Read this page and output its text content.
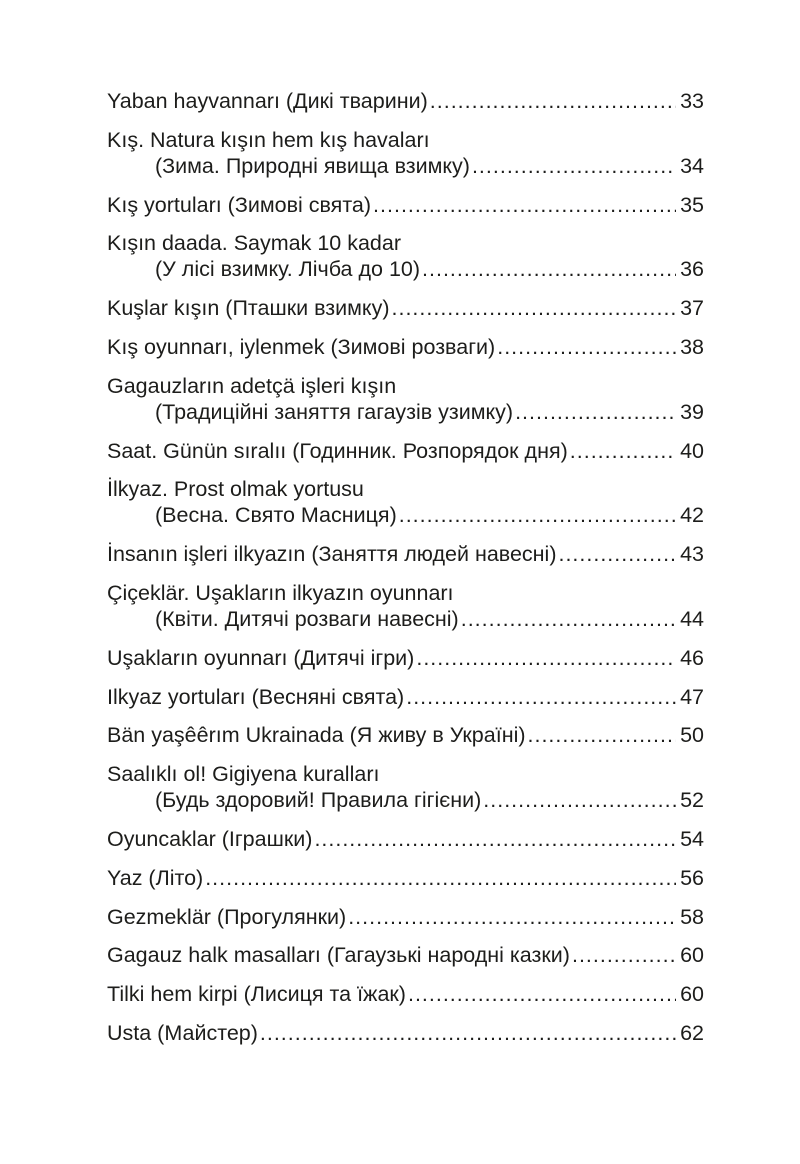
Yaban hayvannarı (Дикі тварини) .....	33
Kış. Natura kışın hem kış havaları
(Зима. Природні явища взимку) .....	34
Kış yortuları (Зимові свята) .....	35
Kışın daada. Saymak 10 kadar
(У лісі взимку. Лічба до 10) .....	36
Kuşlar kışın (Пташки взимку) .....	37
Kış oyunnarı, iylenmek (Зимові розваги) .....	38
Gagauzların adetçä işleri kışın
(Традиційні заняття гагаузів узимку) .....	39
Saat. Günün sıralıı (Годинник. Розпорядок дня) .....	40
İlkyaz. Prost olmak yortusu
(Весна. Свято Масниця) .....	42
İnsanın işleri ilkyazın (Заняття людей навесні) .....	43
Çiçeklär. Uşakların ilkyazın oyunnarı
(Квіти. Дитячі розваги навесні) .....	44
Uşakların oyunnarı (Дитячі ігри) .....	46
Ilkyaz yortuları (Весняні свята) .....	47
Bän yaşêêrım Ukrainada (Я живу в Україні) .....	50
Saalıklı ol! Gigiyena kuralları
(Будь здоровий! Правила гігієни) .....	52
Oyuncaklar (Іграшки) .....	54
Yaz (Літо) .....	56
Gezmeklär (Прогулянки) .....	58
Gagauz halk masalları (Гагаузькі народні казки) .....	60
Tilki hem kirpi (Лисиця та їжак) .....	60
Usta (Майстер) .....	62
